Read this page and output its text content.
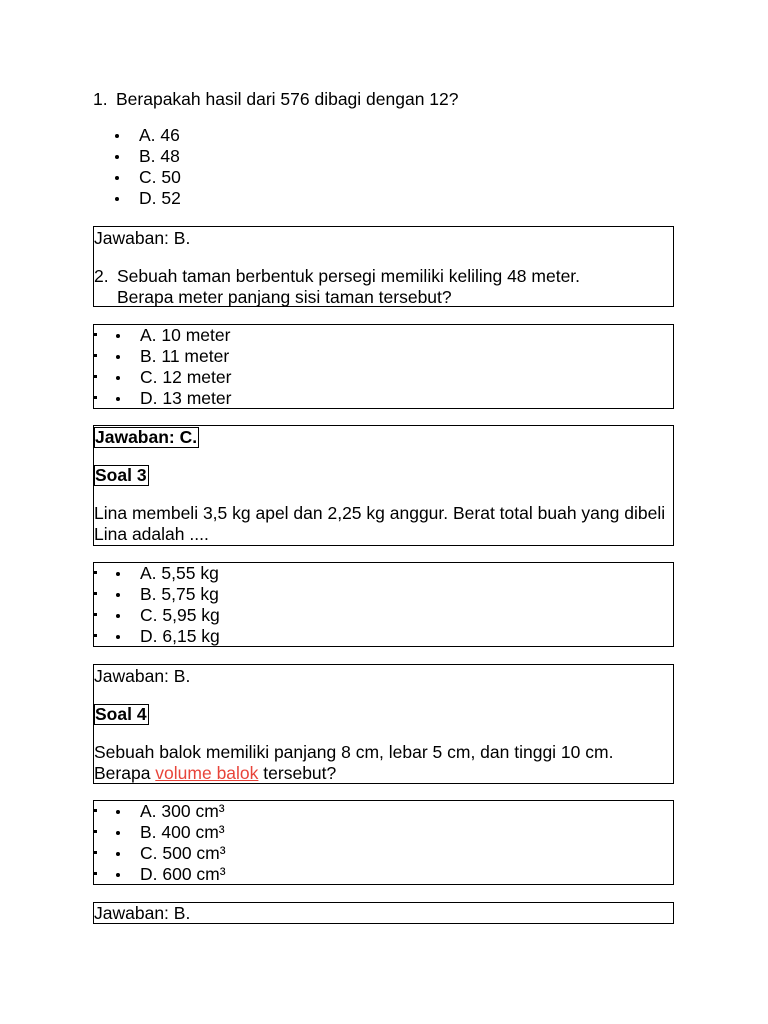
1. Berapakah hasil dari 576 dibagi dengan 12?
A. 46
B. 48
C. 50
D. 52

Jawaban: B.

2. Sebuah taman berbentuk persegi memiliki keliling 48 meter.
Berapa meter panjang sisi taman tersebut?
A. 10 meter
B. 11 meter
C. 12 meter
D. 13 meter

Jawaban: C.

Soal 3

Lina membeli 3,5 kg apel dan 2,25 kg anggur. Berat total buah yang dibeli Lina adalah ....

A. 5,55 kg
B. 5,75 kg
C. 5,95 kg
D. 6,15 kg

Jawaban: B.

Soal 4

Sebuah balok memiliki panjang 8 cm, lebar 5 cm, dan tinggi 10 cm. Berapa volume balok tersebut?

A. 300 cm³
B. 400 cm³
C. 500 cm³
D. 600 cm³

Jawaban: B.
